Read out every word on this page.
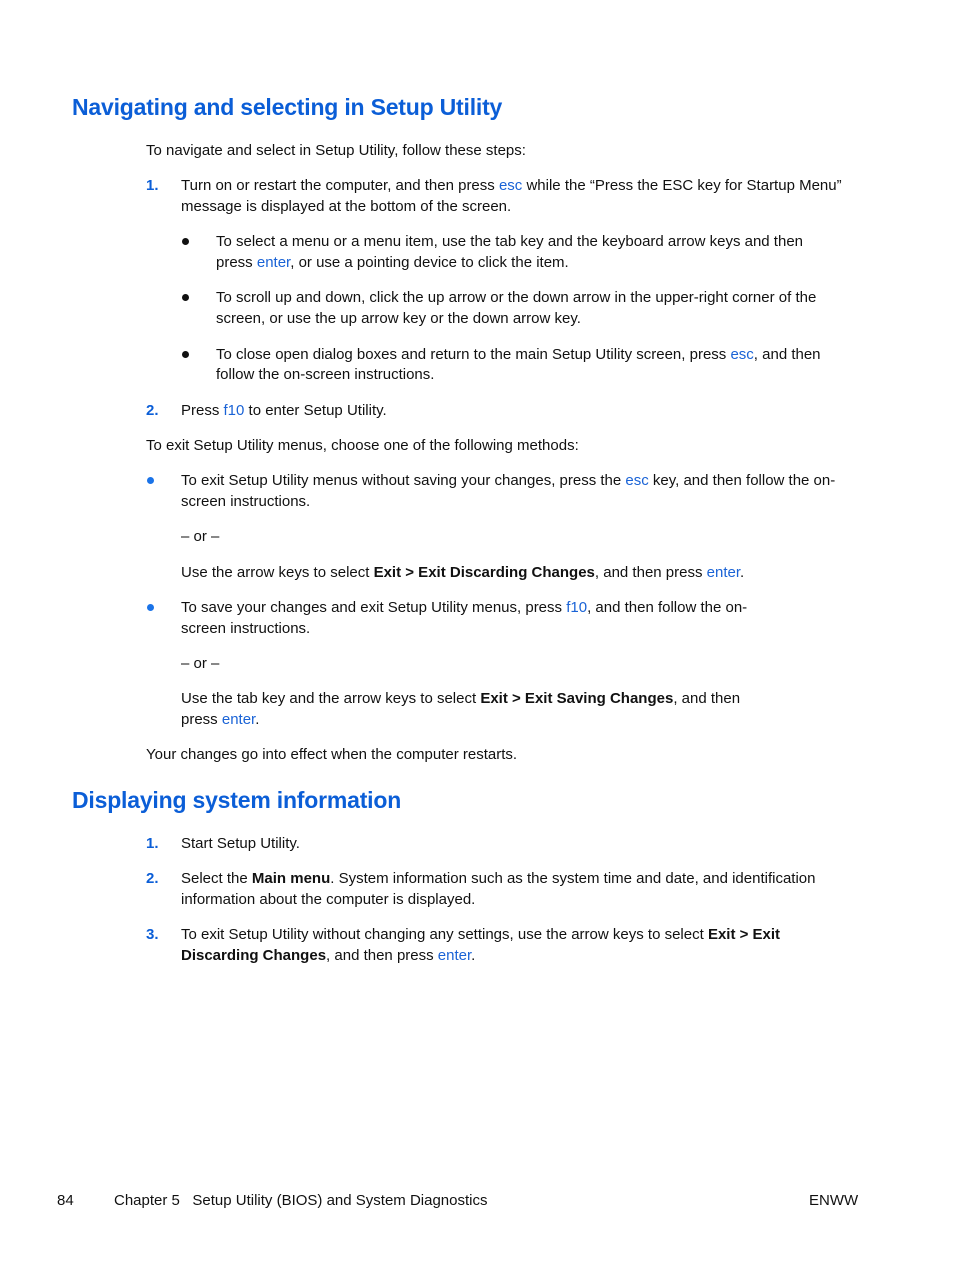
Navigating and selecting in Setup Utility

To navigate and select in Setup Utility, follow these steps:

1. Turn on or restart the computer, and then press esc while the “Press the ESC key for Startup Menu”

message is displayed at the bottom of the screen.

To select a menu or a menu item, use the tab key and the keyboard arrow keys and then

press enter, or use a pointing device to click the item.

To scroll up and down, click the up arrow or the down arrow in the upper-right corner of the

screen, or use the up arrow key or the down arrow key.

To close open dialog boxes and return to the main Setup Utility screen, press esc, and then

follow the on-screen instructions.

2. Press f10 to enter Setup Utility.

To exit Setup Utility menus, choose one of the following methods:

To exit Setup Utility menus without saving your changes, press the esc key, and then follow the on-

screen instructions.

– or –

Use the arrow keys to select Exit > Exit Discarding Changes, and then press enter.

To save your changes and exit Setup Utility menus, press f10, and then follow the on-

screen instructions.

– or –

Use the tab key and the arrow keys to select Exit > Exit Saving Changes, and then

press enter.

Your changes go into effect when the computer restarts.

Displaying system information

1. Start Setup Utility.

2. Select the Main menu. System information such as the system time and date, and identification

information about the computer is displayed.

3. To exit Setup Utility without changing any settings, use the arrow keys to select Exit > Exit

Discarding Changes, and then press enter.

84	Chapter 5   Setup Utility (BIOS) and System Diagnostics	ENWW
